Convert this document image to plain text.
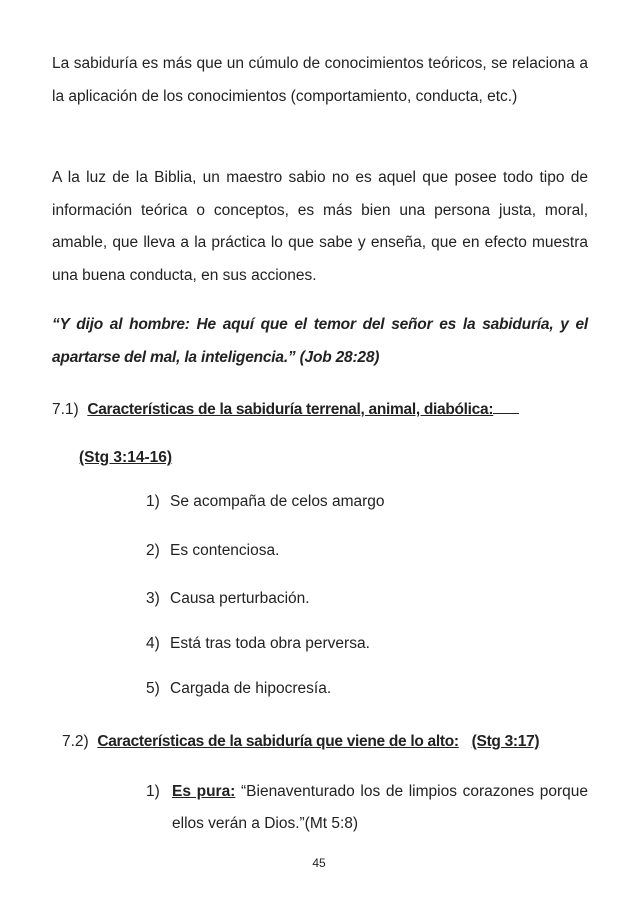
La sabiduría es más que un cúmulo de conocimientos teóricos, se relaciona a la aplicación de los conocimientos (comportamiento, conducta, etc.)

A la luz de la Biblia, un maestro sabio no es aquel que posee todo tipo de información teórica o conceptos, es más bien una persona justa, moral, amable, que lleva a la práctica lo que sabe y enseña, que en efecto muestra una buena conducta, en sus acciones.

“Y dijo al hombre: He aquí que el temor del señor es la sabiduría, y el apartarse del mal, la inteligencia.” (Job 28:28)

7.1) Características de la sabiduría terrenal, animal, diabólica:
(Stg 3:14-16)
1) Se acompaña de celos amargo
2) Es contenciosa.
3) Causa perturbación.
4) Está tras toda obra perversa.
5) Cargada de hipocresía.
7.2) Características de la sabiduría que viene de lo alto: (Stg 3:17)
1) Es pura: “Bienaventurado los de limpios corazones porque ellos verán a Dios.”(Mt 5:8)
45
